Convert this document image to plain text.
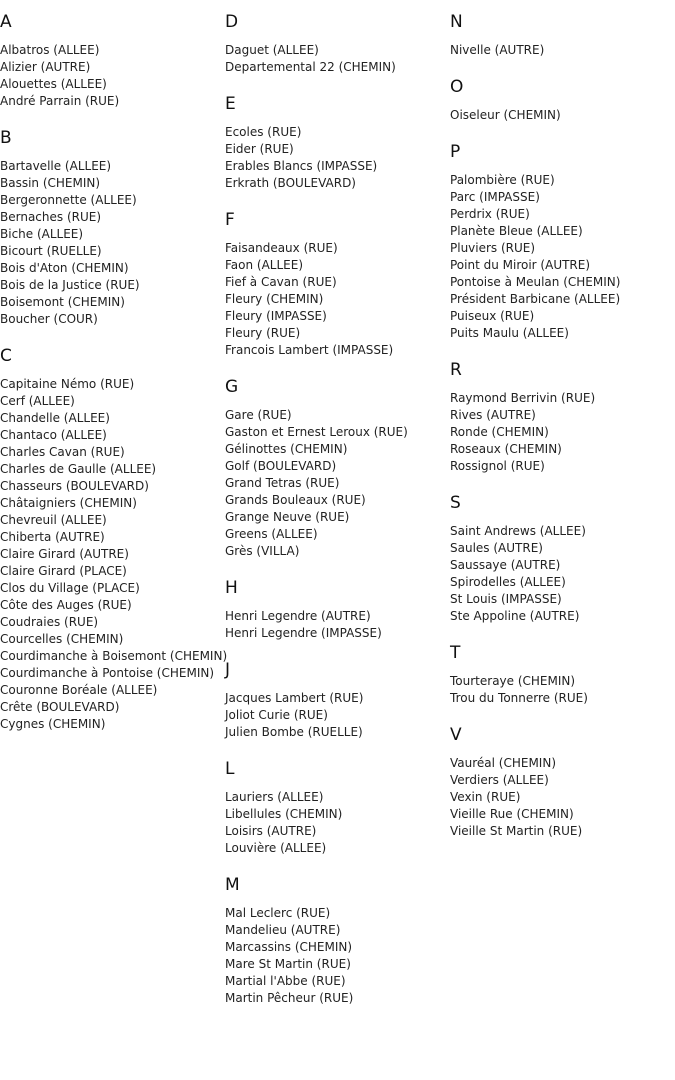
A
Albatros (ALLEE)
Alizier (AUTRE)
Alouettes (ALLEE)
André Parrain (RUE)
B
Bartavelle (ALLEE)
Bassin (CHEMIN)
Bergeronnette (ALLEE)
Bernaches (RUE)
Biche (ALLEE)
Bicourt (RUELLE)
Bois d'Aton (CHEMIN)
Bois de la Justice (RUE)
Boisemont (CHEMIN)
Boucher (COUR)
C
Capitaine Némo (RUE)
Cerf (ALLEE)
Chandelle (ALLEE)
Chantaco (ALLEE)
Charles Cavan (RUE)
Charles de Gaulle (ALLEE)
Chasseurs (BOULEVARD)
Châtaigniers (CHEMIN)
Chevreuil (ALLEE)
Chiberta (AUTRE)
Claire Girard (AUTRE)
Claire Girard (PLACE)
Clos du Village (PLACE)
Côte des Auges (RUE)
Coudraies (RUE)
Courcelles (CHEMIN)
Courdimanche à Boisemont (CHEMIN)
Courdimanche à Pontoise (CHEMIN)
Couronne Boréale (ALLEE)
Crête (BOULEVARD)
Cygnes (CHEMIN)
D
Daguet (ALLEE)
Departemental 22 (CHEMIN)
E
Ecoles (RUE)
Eider (RUE)
Erables Blancs (IMPASSE)
Erkrath (BOULEVARD)
F
Faisandeaux (RUE)
Faon (ALLEE)
Fief à Cavan (RUE)
Fleury (CHEMIN)
Fleury (IMPASSE)
Fleury (RUE)
Francois Lambert (IMPASSE)
G
Gare (RUE)
Gaston et Ernest Leroux (RUE)
Gélinottes (CHEMIN)
Golf (BOULEVARD)
Grand Tetras (RUE)
Grands Bouleaux (RUE)
Grange Neuve (RUE)
Greens (ALLEE)
Grès (VILLA)
H
Henri Legendre (AUTRE)
Henri Legendre (IMPASSE)
J
Jacques Lambert (RUE)
Joliot Curie (RUE)
Julien Bombe (RUELLE)
L
Lauriers (ALLEE)
Libellules (CHEMIN)
Loisirs (AUTRE)
Louvière (ALLEE)
M
Mal Leclerc (RUE)
Mandelieu (AUTRE)
Marcassins (CHEMIN)
Mare St Martin (RUE)
Martial l'Abbe (RUE)
Martin Pêcheur (RUE)
N
Nivelle (AUTRE)
O
Oiseleur (CHEMIN)
P
Palombière (RUE)
Parc (IMPASSE)
Perdrix (RUE)
Planète Bleue (ALLEE)
Pluviers (RUE)
Point du Miroir (AUTRE)
Pontoise à Meulan (CHEMIN)
Président Barbicane (ALLEE)
Puiseux (RUE)
Puits Maulu (ALLEE)
R
Raymond Berrivin (RUE)
Rives (AUTRE)
Ronde (CHEMIN)
Roseaux (CHEMIN)
Rossignol (RUE)
S
Saint Andrews (ALLEE)
Saules (AUTRE)
Saussaye (AUTRE)
Spirodelles (ALLEE)
St Louis (IMPASSE)
Ste Appoline (AUTRE)
T
Tourteraye (CHEMIN)
Trou du Tonnerre (RUE)
V
Vauréal (CHEMIN)
Verdiers (ALLEE)
Vexin (RUE)
Vieille Rue (CHEMIN)
Vieille St Martin (RUE)
